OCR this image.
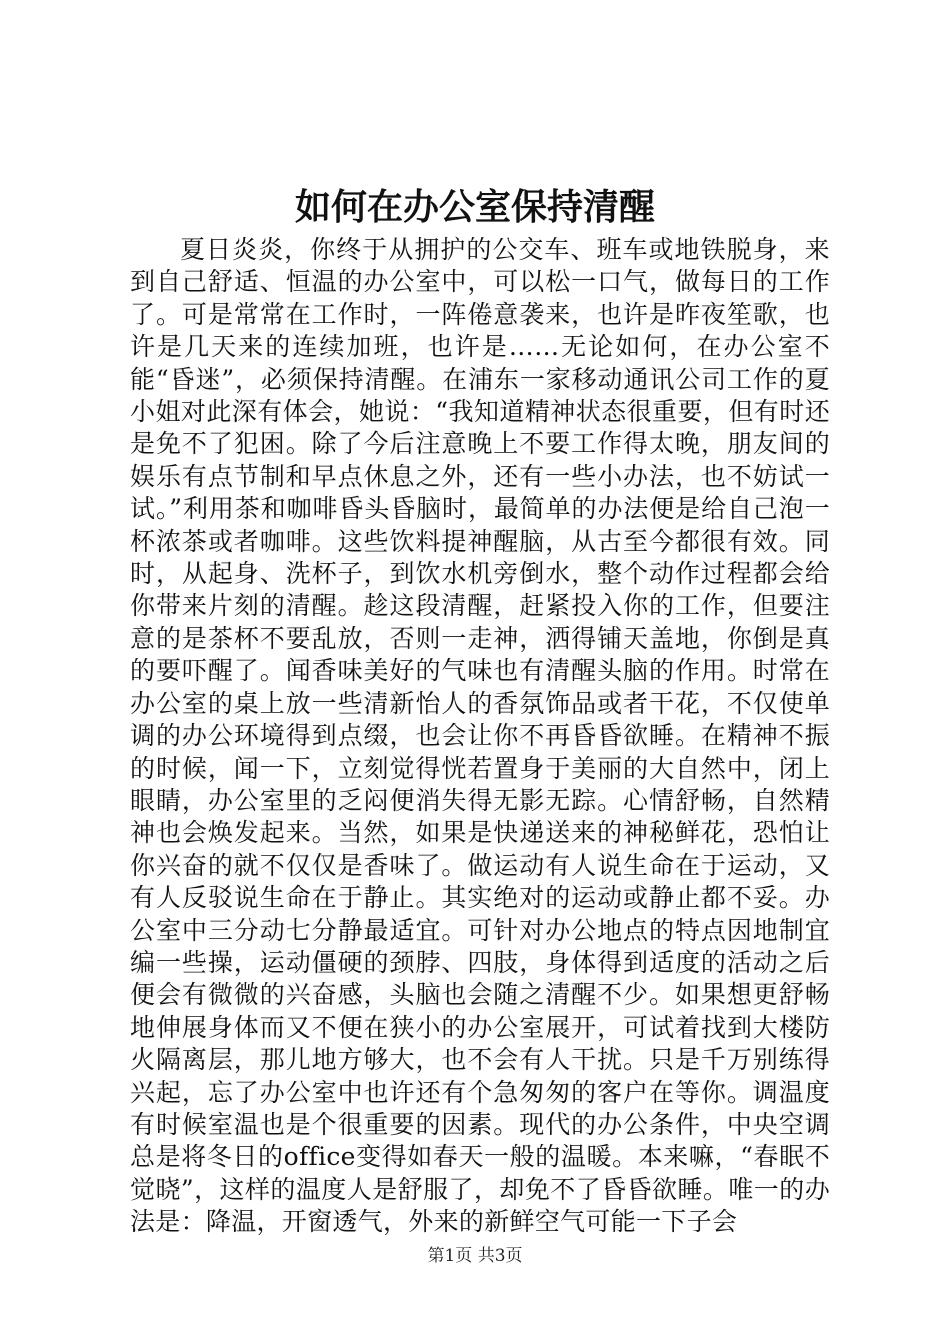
如何在办公室保持清醒

夏日炎炎，你终于从拥护的公交车、班车或地铁脱身，来到自己舒适、恒温的办公室中，可以松一口气，做每日的工作了。可是常常在工作时，一阵倦意袭来，也许是昨夜笙歌，也许是几天来的连续加班，也许是……无论如何，在办公室不能“昏迷”，必须保持清醒。在浦东一家移动通讯公司工作的夏小姐对此深有体会，她说：“我知道精神状态很重要，但有时还是免不了犯困。除了今后注意晚上不要工作得太晚，朋友间的娱乐有点节制和早点休息之外，还有一些小办法，也不妨试一试。”利用茶和咖啡昏头昏脑时，最简单的办法便是给自己泡一杯浓茶或者咖啡。这些饮料提神醒脑，从古至今都很有效。同时，从起身、洗杯子，到饮水机旁倒水，整个动作过程都会给你带来片刻的清醒。趁这段清醒，赶紧投入你的工作，但要注意的是茶杯不要乱放，否则一走神，洒得铺天盖地，你倒是真的要吓醒了。闻香味美好的气味也有清醒头脑的作用。时常在办公室的桌上放一些清新怡人的香氛饰品或者干花，不仅使单调的办公环境得到点缀，也会让你不再昏昏欲睡。在精神不振的时候，闻一下，立刻觉得恍若置身于美丽的大自然中，闭上眼睛，办公室里的乏闷便消失得无影无踪。心情舒畅，自然精神也会焕发起来。当然，如果是快递送来的神秘鲜花，恐怕让你兴奋的就不仅仅是香味了。做运动有人说生命在于运动，又有人反驳说生命在于静止。其实绝对的运动或静止都不妥。办公室中三分动七分静最适宜。可针对办公地点的特点因地制宜编一些操，运动僵硬的颈脖、四肢，身体得到适度的活动之后便会有微微的兴奋感，头脑也会随之清醒不少。如果想更舒畅地伸展身体而又不便在狭小的办公室展开，可试着找到大楼防火隔离层，那儿地方够大，也不会有人干扰。只是千万别练得兴起，忘了办公室中也许还有个急匆匆的客户在等你。调温度有时候室温也是个很重要的因素。现代的办公条件，中央空调总是将冬日的office变得如春天一般的温暖。本来嘛，“春眠不觉晓”，这样的温度人是舒服了，却免不了昏昏欲睡。唯一的办法是：降温，开窗透气，外来的新鲜空气可能一下子会

第1页 共3页
